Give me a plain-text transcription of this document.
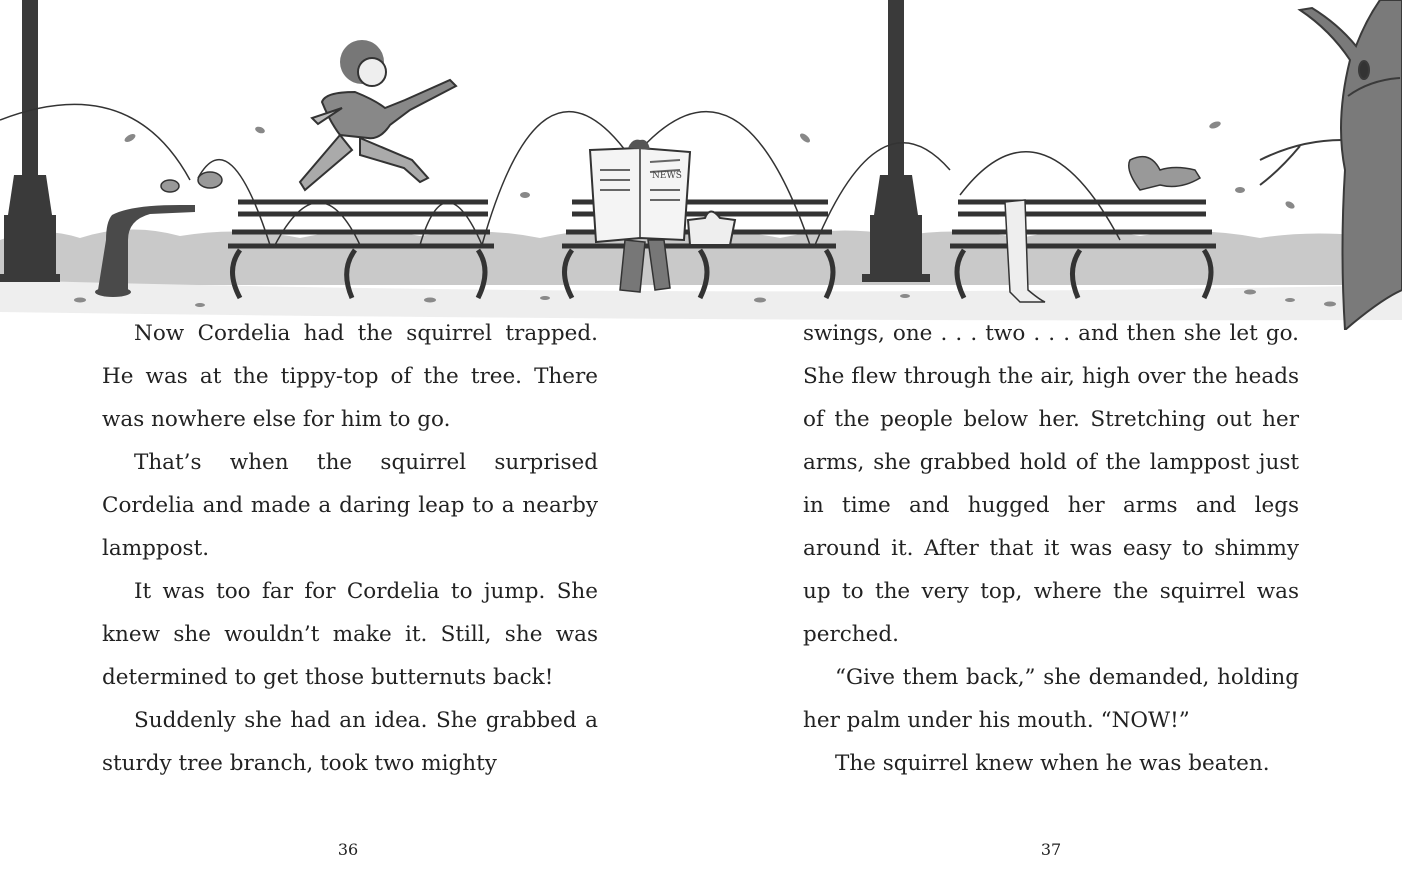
NEWS

Now Cordelia had the squirrel trapped. He was at the tippy-top of the tree. There was nowhere else for him to go.

That’s when the squirrel surprised Cordelia and made a daring leap to a nearby lamppost.

It was too far for Cordelia to jump. She knew she wouldn’t make it. Still, she was determined to get those butternuts back!

Suddenly she had an idea. She grabbed a sturdy tree branch, took two mighty

swings, one . . . two . . . and then she let go. She flew through the air, high over the heads of the people below her. Stretching out her arms, she grabbed hold of the lamppost just in time and hugged her arms and legs around it. After that it was easy to shimmy up to the very top, where the squirrel was perched.

“Give them back,” she demanded, holding her palm under his mouth. “NOW!”

The squirrel knew when he was beaten.

36	37
